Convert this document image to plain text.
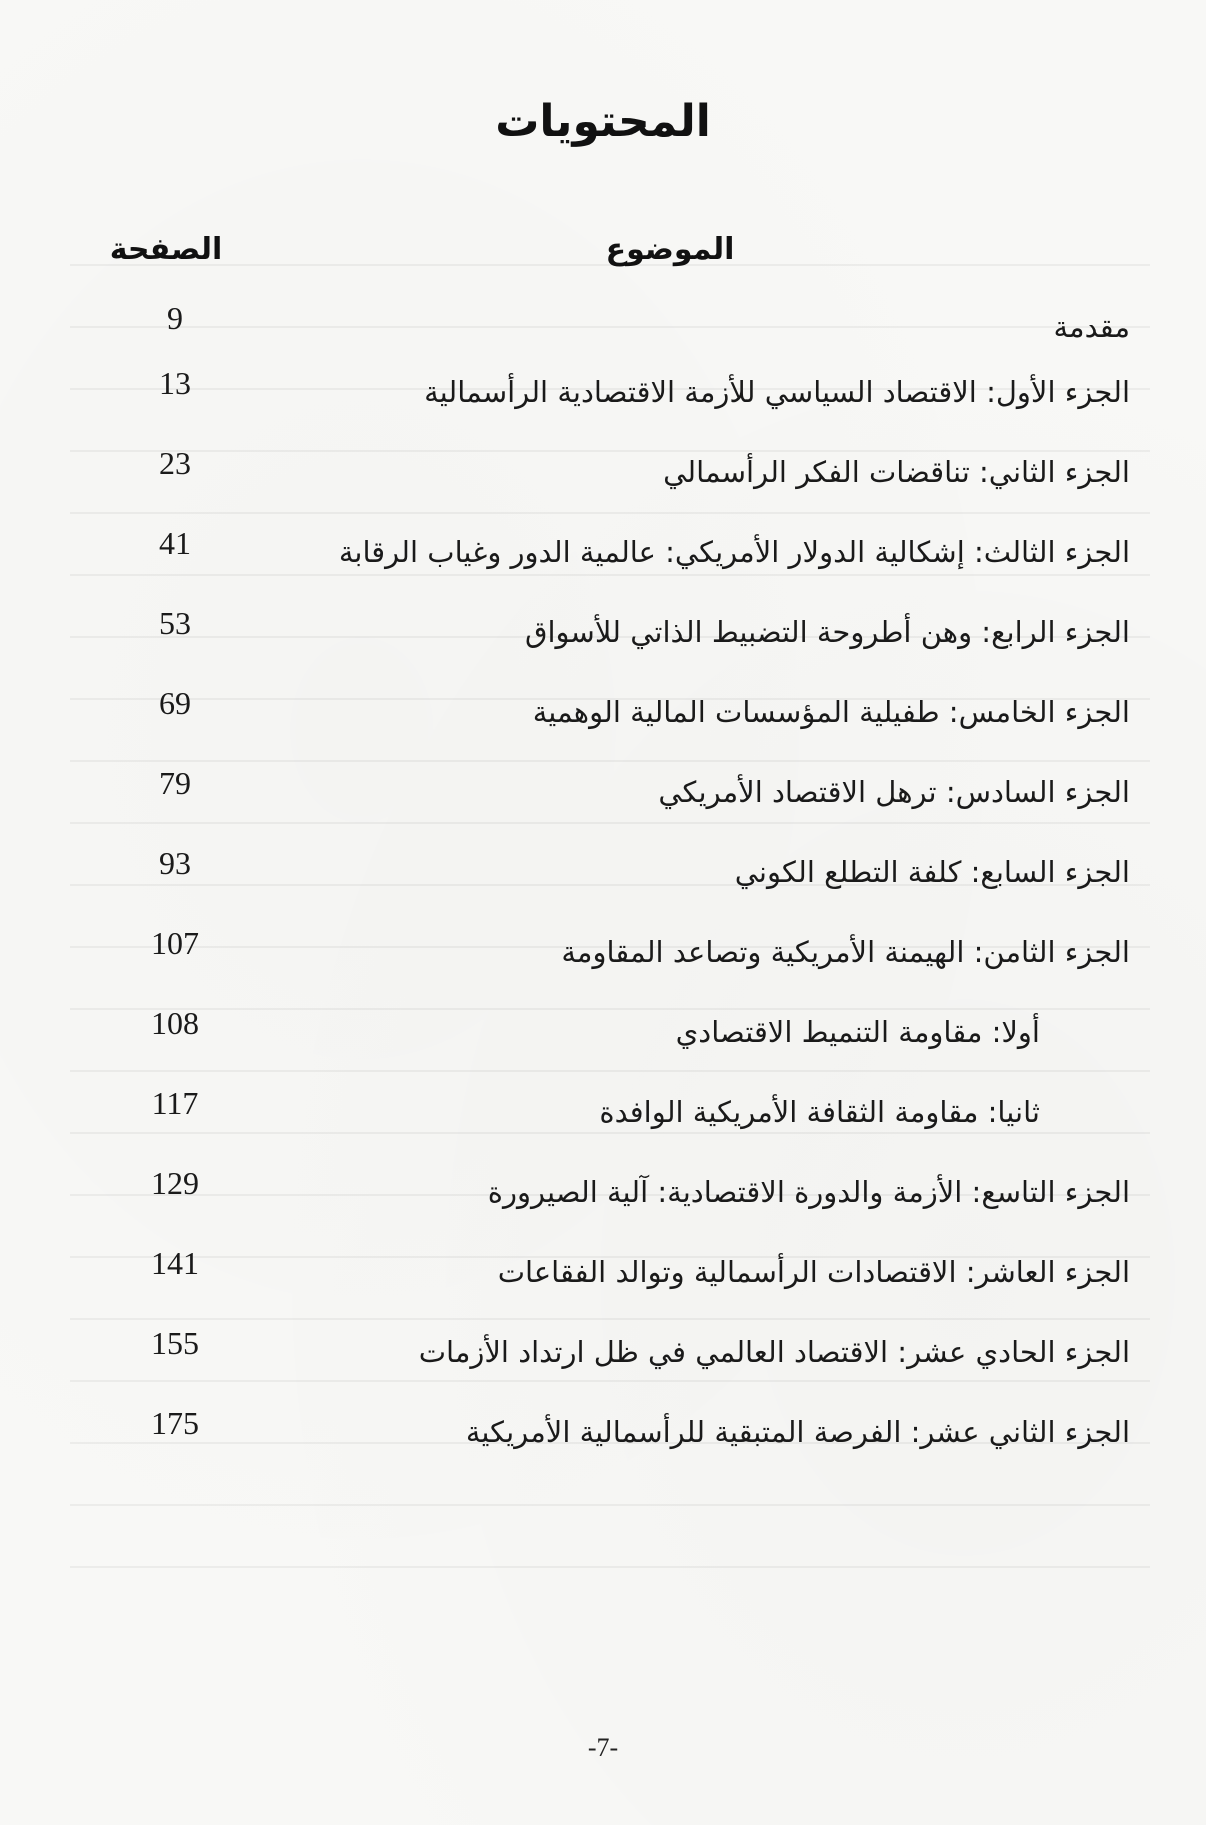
المحتويات
الموضوع
الصفحة
مقدمة
9
الجزء الأول: الاقتصاد السياسي للأزمة الاقتصادية الرأسمالية
13
الجزء الثاني: تناقضات الفكر الرأسمالي
23
الجزء الثالث: إشكالية الدولار الأمريكي: عالمية الدور وغياب الرقابة
41
الجزء الرابع: وهن أطروحة التضبيط الذاتي للأسواق
53
الجزء الخامس: طفيلية المؤسسات المالية الوهمية
69
الجزء السادس: ترهل الاقتصاد الأمريكي
79
الجزء السابع: كلفة التطلع الكوني
93
الجزء الثامن: الهيمنة الأمريكية وتصاعد المقاومة
107
أولا: مقاومة التنميط الاقتصادي
108
ثانيا: مقاومة الثقافة الأمريكية الوافدة
117
الجزء التاسع: الأزمة والدورة الاقتصادية: آلية الصيرورة
129
الجزء العاشر: الاقتصادات الرأسمالية وتوالد الفقاعات
141
الجزء الحادي عشر: الاقتصاد العالمي في ظل ارتداد الأزمات
155
الجزء الثاني عشر: الفرصة المتبقية للرأسمالية الأمريكية
175
-7-
